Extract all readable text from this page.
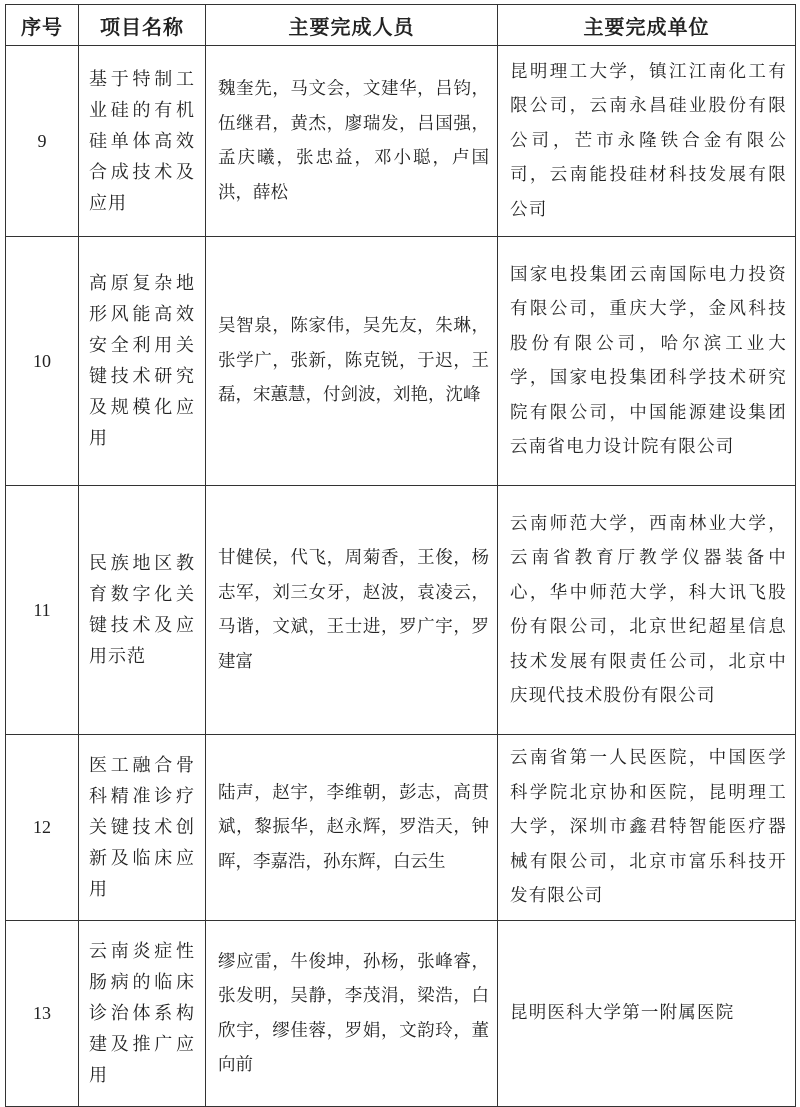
序号	项目名称	主要完成人员	主要完成单位
9	基于特制工业硅的有机硅单体高效合成技术及应用	魏奎先，马文会，文建华，吕钧，伍继君，黄杰，廖瑞发，吕国强，孟庆曦，张忠益，邓小聪，卢国洪，薛松	昆明理工大学，镇江江南化工有限公司，云南永昌硅业股份有限公司，芒市永隆铁合金有限公司，云南能投硅材科技发展有限公司
10	高原复杂地形风能高效安全利用关键技术研究及规模化应用	吴智泉，陈家伟，吴先友，朱琳，张学广，张新，陈克锐，于迟，王磊，宋蕙慧，付剑波，刘艳，沈峰	国家电投集团云南国际电力投资有限公司，重庆大学，金风科技股份有限公司，哈尔滨工业大学，国家电投集团科学技术研究院有限公司，中国能源建设集团云南省电力设计院有限公司
11	民族地区教育数字化关键技术及应用示范	甘健侯，代飞，周菊香，王俊，杨志军，刘三女牙，赵波，袁凌云，马谐，文斌，王士进，罗广宇，罗建富	云南师范大学，西南林业大学，云南省教育厅教学仪器装备中心，华中师范大学，科大讯飞股份有限公司，北京世纪超星信息技术发展有限责任公司，北京中庆现代技术股份有限公司
12	医工融合骨科精准诊疗关键技术创新及临床应用	陆声，赵宇，李维朝，彭志，高贯斌，黎振华，赵永辉，罗浩天，钟晖，李嘉浩，孙东辉，白云生	云南省第一人民医院，中国医学科学院北京协和医院，昆明理工大学，深圳市鑫君特智能医疗器械有限公司，北京市富乐科技开发有限公司
13	云南炎症性肠病的临床诊治体系构建及推广应用	缪应雷，牛俊坤，孙杨，张峰睿，张发明，吴静，李茂涓，梁浩，白欣宇，缪佳蓉，罗娟，文韵玲，董向前	昆明医科大学第一附属医院
